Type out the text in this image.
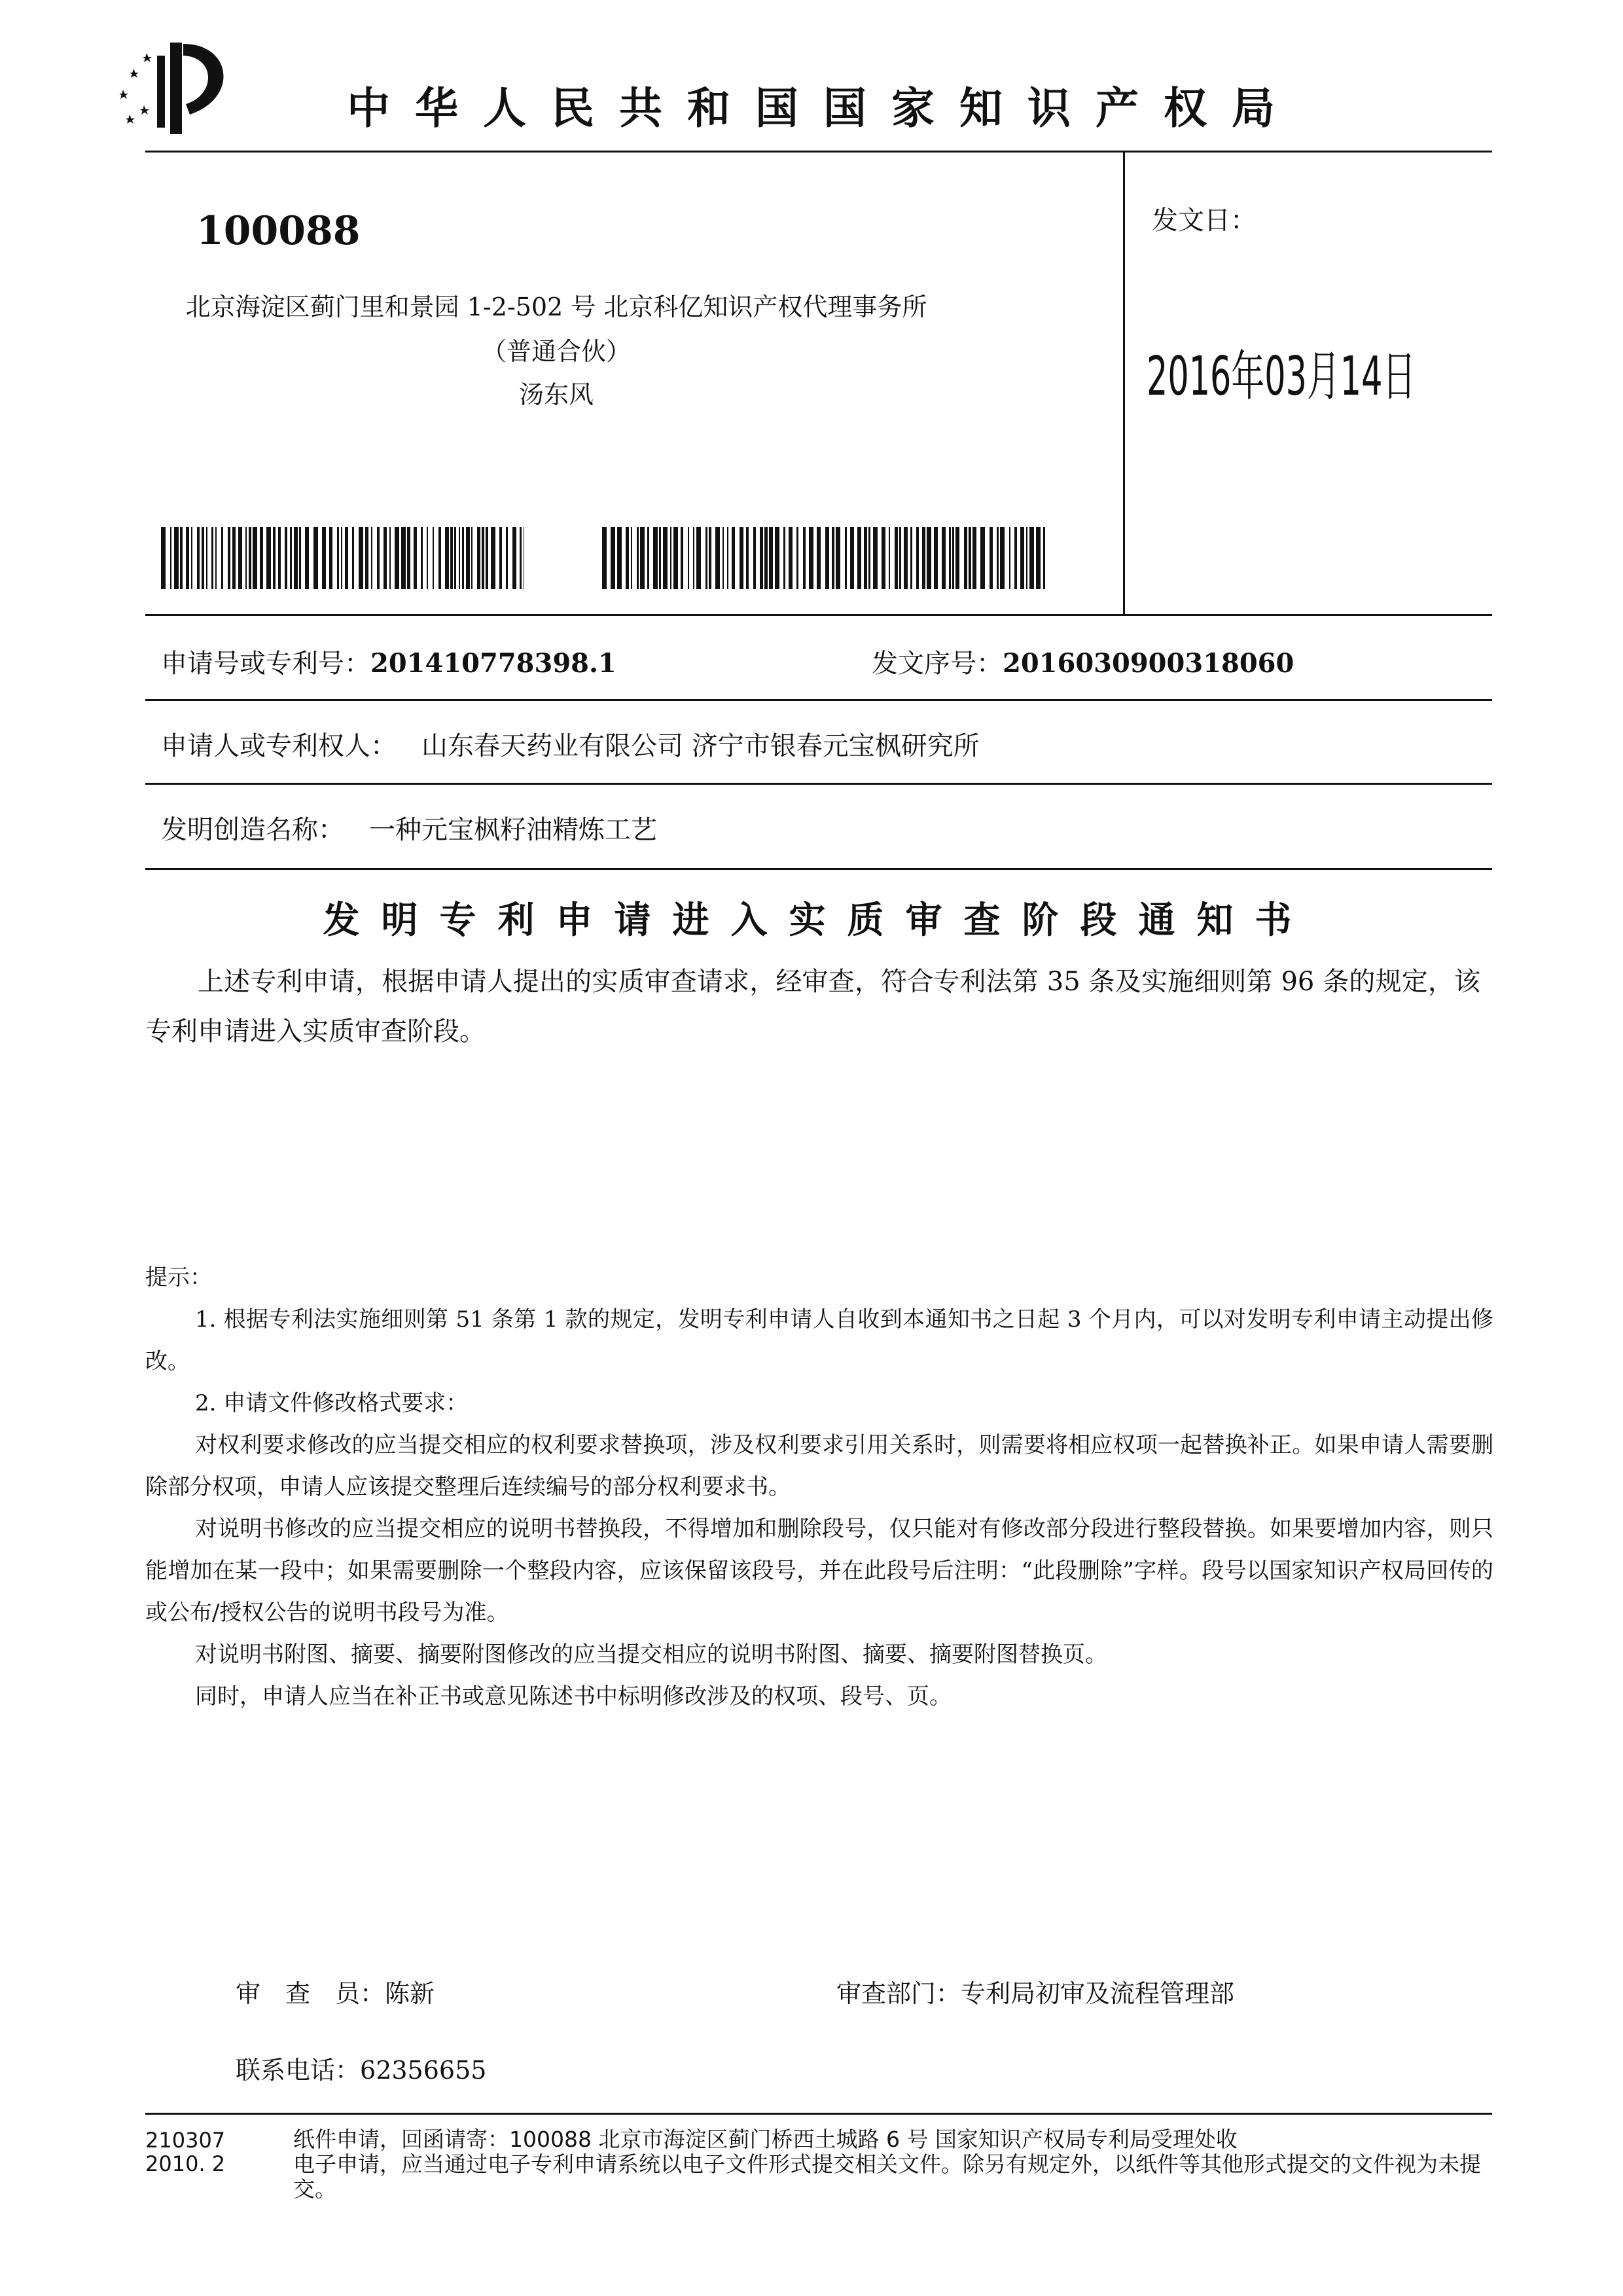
中华人民共和国国家知识产权局
100088
北京海淀区蓟门里和景园 1-2-502 号 北京科亿知识产权代理事务所
（普通合伙）
汤东风
发文日：
2016年03月14日
申请号或专利号：201410778398.1	发文序号：2016030900318060
申请人或专利权人： 山东春天药业有限公司 济宁市银春元宝枫研究所
发明创造名称： 一种元宝枫籽油精炼工艺
发明专利申请进入实质审查阶段通知书
上述专利申请，根据申请人提出的实质审查请求，经审查，符合专利法第 35 条及实施细则第 96 条的规定，该专利申请进入实质审查阶段。

提示：

1. 根据专利法实施细则第 51 条第 1 款的规定，发明专利申请人自收到本通知书之日起 3 个月内，可以对发明专利申请主动提出修改。

2. 申请文件修改格式要求：

对权利要求修改的应当提交相应的权利要求替换项，涉及权利要求引用关系时，则需要将相应权项一起替换补正。如果申请人需要删除部分权项，申请人应该提交整理后连续编号的部分权利要求书。

对说明书修改的应当提交相应的说明书替换段，不得增加和删除段号，仅只能对有修改部分段进行整段替换。如果要增加内容，则只能增加在某一段中；如果需要删除一个整段内容，应该保留该段号，并在此段号后注明：“此段删除”字样。段号以国家知识产权局回传的或公布/授权公告的说明书段号为准。

对说明书附图、摘要、摘要附图修改的应当提交相应的说明书附图、摘要、摘要附图替换页。

同时，申请人应当在补正书或意见陈述书中标明修改涉及的权项、段号、页。

审　查　员：陈新	审查部门：专利局初审及流程管理部
联系电话：62356655
210307
2010. 2
纸件申请，回函请寄：100088 北京市海淀区蓟门桥西土城路 6 号 国家知识产权局专利局受理处收
电子申请，应当通过电子专利申请系统以电子文件形式提交相关文件。除另有规定外，以纸件等其他形式提交的文件视为未提交。
